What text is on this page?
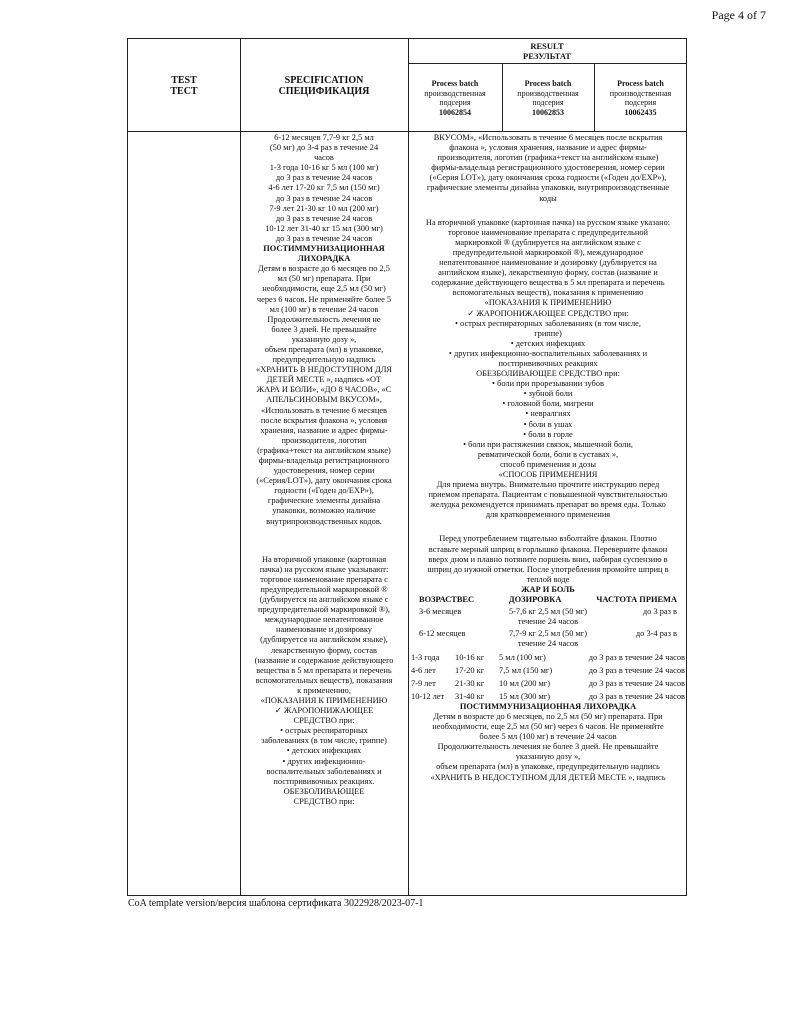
Page 4 of 7
TEST
ТЕСТ
SPECIFICATION
СПЕЦИФИКАЦИЯ
RESULT
РЕЗУЛЬТАТ
Process batch
производственная подсерия
10062854
Process batch
производственная подсерия
10062853
Process batch
производственная подсерия
10062435

6-12 месяцев 7,7-9 кг 2,5 мл

(50 мг) до 3-4 раз в течение 24

часов

1-3 года 10-16 кг 5 мл (100 мг)

до 3 раз в течение 24 часов

4-6 лет 17-20 кг 7,5 мл (150 мг)

до 3 раз в течение 24 часов

7-9 лет 21-30 кг 10 мл (200 мг)

до 3 раз в течение 24 часов

10-12 лет 31-40 кг 15 мл (300 мг)

до 3 раз в течение 24 часов

ПОСТИММУНИЗАЦИОННАЯ

ЛИХОРАДКА

Детям в возрасте до 6 месяцев по 2,5

мл (50 мг) препарата. При

необходимости, еще 2,5 мл (50 мг)

через 6 часов. Не применяйте более 5

мл (100 мг) в течение 24 часов

Продолжительность лечения не

более 3 дней. Не превышайте

указанную дозу »,

объем препарата (мл) в упаковке,

предупредительную надпись

«ХРАНИТЬ В НЕДОСТУПНОМ ДЛЯ

ДЕТЕЙ МЕСТЕ », надпись «ОТ

ЖАРА И БОЛИ», «ДО 8 ЧАСОВ», «С

АПЕЛЬСИНОВЫМ ВКУСОМ»,

«Использовать в течение 6 месяцев

после вскрытия флакона », условия

хранения, название и адрес фирмы-

производителя, логотип

(графика+текст на английском языке)

фирмы-владельца регистрационного

удостоверения, номер серии

(«Серия/LOT»), дату окончания срока

годности («Годен до/EXP»),

графические элементы дизайна

упаковки, возможно наличие

внутрипроизводственных кодов.

На вторичной упаковке (картонная

пачка) на русском языке указывают:

торговое наименование препарата с

предупредительной маркировкой ®

(дублируется на английском языке с

предупредительной маркировкой ®),

международное непатентованное

наименование и дозировку

(дублируется на английском языке),

лекарственную форму, состав

(название и содержание действующего

вещества в 5 мл препарата и перечень

вспомогательных веществ), показания

к применению,

«ПОКАЗАНИЯ К ПРИМЕНЕНИЮ

✓ ЖАРОПОНИЖАЮЩЕЕ

СРЕДСТВО при:

• острых респираторных

заболеваниях (в том числе, гриппе)

• детских инфекциях

• других инфекционно-

воспалительных заболеваниях и

постпрививочных реакциях.

ОБЕЗБОЛИВАЮЩЕЕ

СРЕДСТВО при:

ВКУСОМ», «Использовать в течение 6 месяцев после вскрытия

флакона », условия хранения, название и адрес фирмы-

производителя, логотип (графика+текст на английском языке)

фирмы-владельца регистрационного удостоверения, номер серии

(«Серия LOT»), дату окончания срока годности («Годен до/EXP»),

графические элементы дизайна упаковки, внутрипроизводственные

коды

На вторичной упаковке (картонная пачка) на русском языке указано:

торговое наименование препарата с предупредительной

маркировкой ® (дублируется на английском языке с

предупредительной маркировкой ®), международное

непатентованное наименование и дозировку (дублируется на

английском языке), лекарственную форму, состав (название и

содержание действующего вещества в 5 мл препарата и перечень

вспомогательных веществ), показания к применению

«ПОКАЗАНИЯ К ПРИМЕНЕНИЮ

✓ ЖАРОПОНИЖАЮЩЕЕ СРЕДСТВО при:

• острых респираторных заболеваниях (в том числе,

гриппе)

• детских инфекциях

• других инфекционно-воспалительных заболеваниях и

постпрививочных реакциях

ОБЕЗБОЛИВАЮЩЕЕ СРЕДСТВО при:

• боли при прорезывании зубов

• зубной боли

• головной боли, мигрени

• невралгиях

• боли в ушах

• боли в горле

• боли при растяжении связок, мышечной боли,

ревматической боли, боли в суставах »,

способ применения и дозы

«СПОСОБ ПРИМЕНЕНИЯ

Для приема внутрь. Внимательно прочтите инструкцию перед

приемом препарата. Пациентам с повышенной чувствительностью

желудка рекомендуется принимать препарат во время еды. Только

для кратковременного применения

Перед употреблением тщательно взболтайте флакон. Плотно

вставьте мерный шприц в горлышко флакона. Переверните флакон

вверх дном и плавно потяните поршень вниз, набирая суспензию в

шприц до нужной отметки. После употребления промойте шприц в

теплой воде

ЖАР И БОЛЬ

ВОЗРАСТВЕС	ДОЗИРОВКА	ЧАСТОТА ПРИЕМА
3-6 месяцев	5-7,6 кг 2,5 мл (50 мг)	до 3 раз в
течение 24 часов
6-12 месяцев	7,7-9 кг 2,5 мл (50 мг)	до 3-4 раз в
течение 24 часов
1-3 года	10-16 кг	5 мл (100 мг)	до 3 раз в течение 24 часов
4-6 лет	17-20 кг	7,5 мл (150 мг)	до 3 раз в течение 24 часов
7-9 лет	21-30 кг	10 мл (200 мг)	до 3 раз в течение 24 часов
10-12 лет	31-40 кг	15 мл (300 мг)	до 3 раз в течение 24 часов

ПОСТИММУНИЗАЦИОННАЯ ЛИХОРАДКА

Детям в возрасте до 6 месяцев, по 2,5 мл (50 мг) препарата. При

необходимости, еще 2,5 мл (50 мг) через 6 часов. Не применяйте

более 5 мл (100 мг) в течение 24 часов

Продолжительность лечения не более 3 дней. Не превышайте

указанную дозу »,

объем препарата (мл) в упаковке, предупредительную надпись

«ХРАНИТЬ В НЕДОСТУПНОМ ДЛЯ ДЕТЕЙ МЕСТЕ », надпись

CoA template version/версия шаблона сертификата 3022928/2023-07-1
